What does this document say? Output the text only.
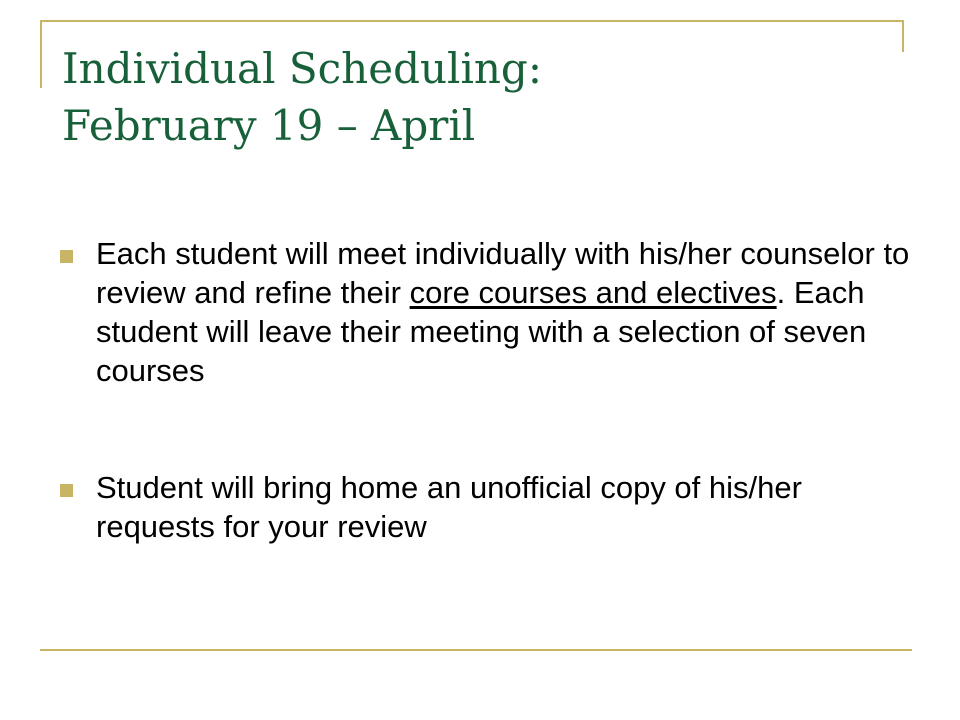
Individual Scheduling:
February 19 – April
Each student will meet individually with his/her counselor to review and refine their core courses and electives. Each student will leave their meeting with a selection of seven courses
Student will bring home an unofficial copy of his/her requests for your review
